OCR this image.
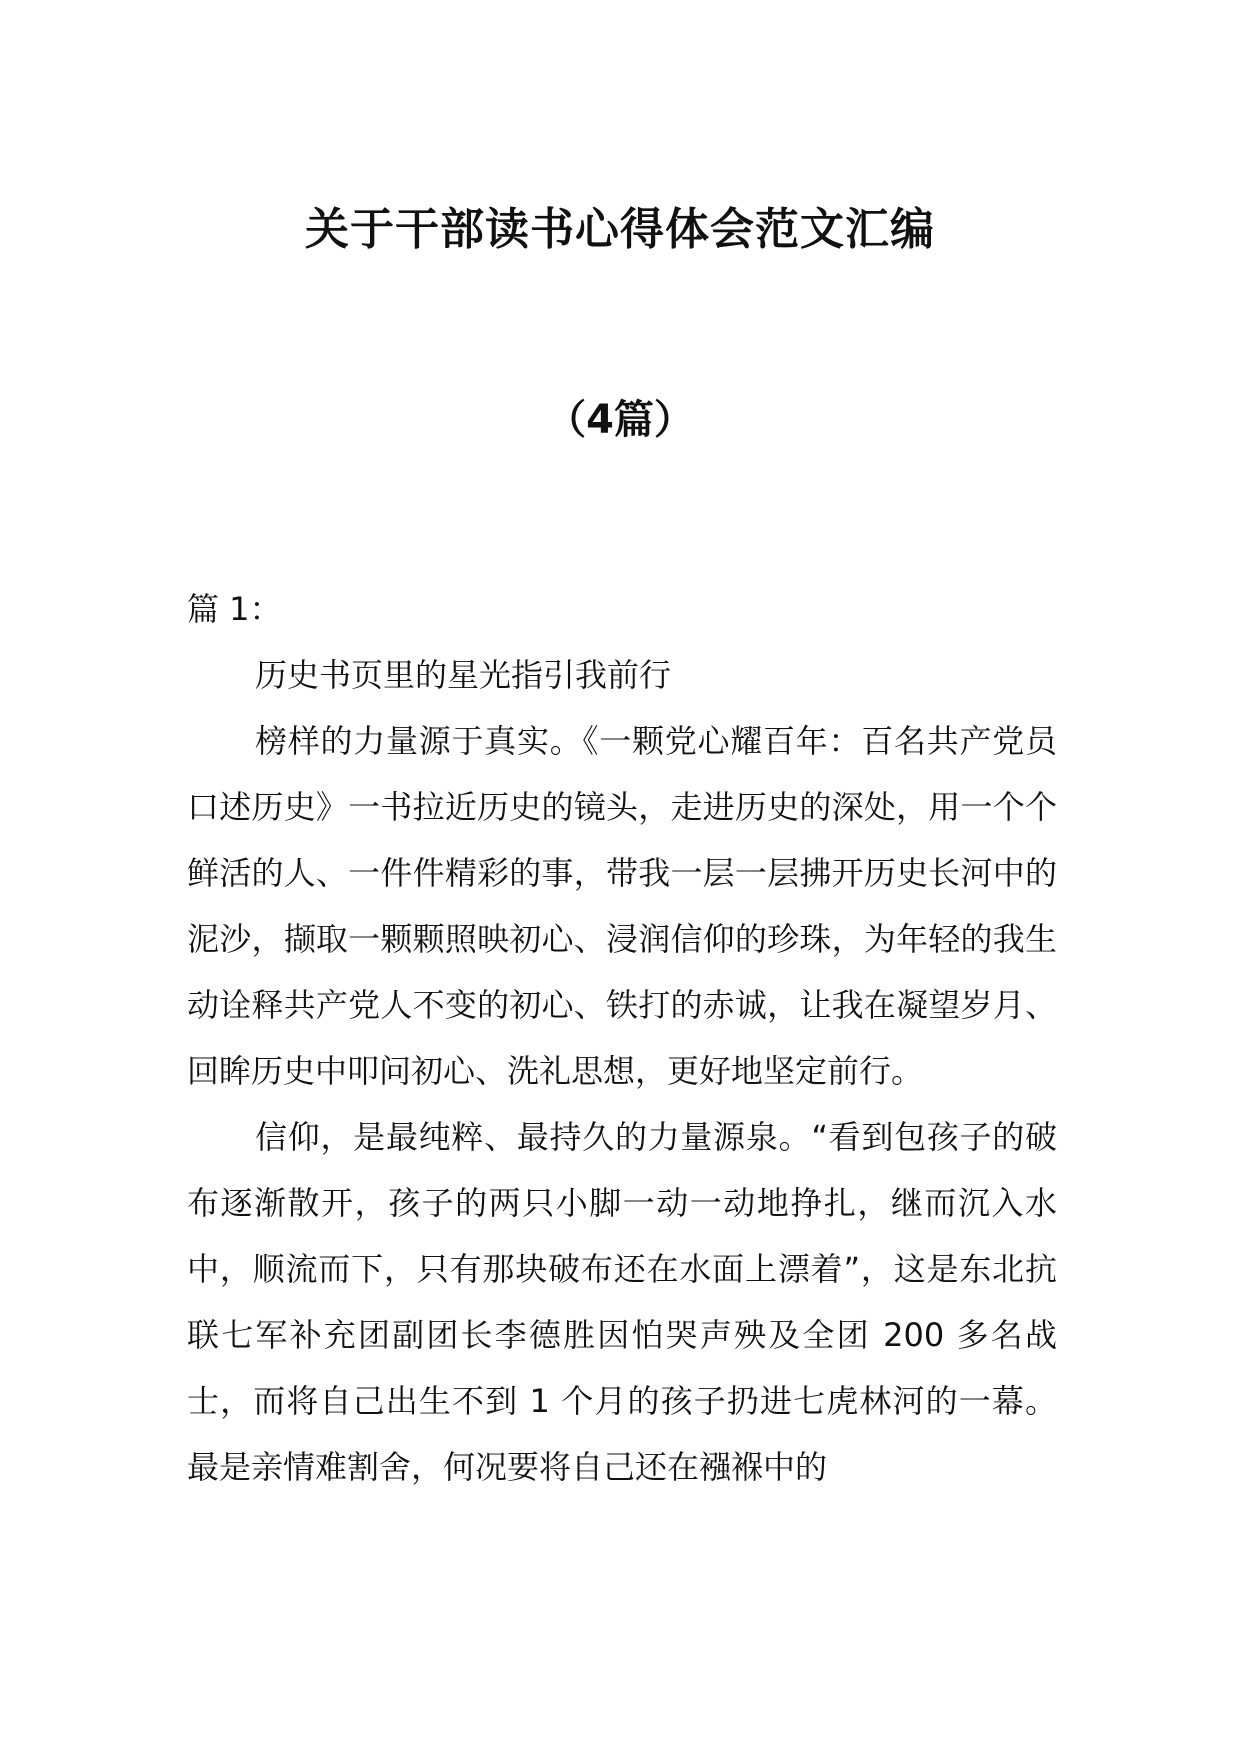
关于干部读书心得体会范文汇编
（4篇）

篇 1：

历史书页里的星光指引我前行

榜样的力量源于真实。《一颗党心耀百年：百名共产党员口述历史》一书拉近历史的镜头，走进历史的深处，用一个个鲜活的人、一件件精彩的事，带我一层一层拂开历史长河中的泥沙，撷取一颗颗照映初心、浸润信仰的珍珠，为年轻的我生动诠释共产党人不变的初心、铁打的赤诚，让我在凝望岁月、回眸历史中叩问初心、洗礼思想，更好地坚定前行。

信仰，是最纯粹、最持久的力量源泉。“看到包孩子的破布逐渐散开，孩子的两只小脚一动一动地挣扎，继而沉入水中，顺流而下，只有那块破布还在水面上漂着”，这是东北抗联七军补充团副团长李德胜因怕哭声殃及全团 200 多名战士，而将自己出生不到 1 个月的孩子扔进七虎林河的一幕。最是亲情难割舍，何况要将自己还在襁褓中的
